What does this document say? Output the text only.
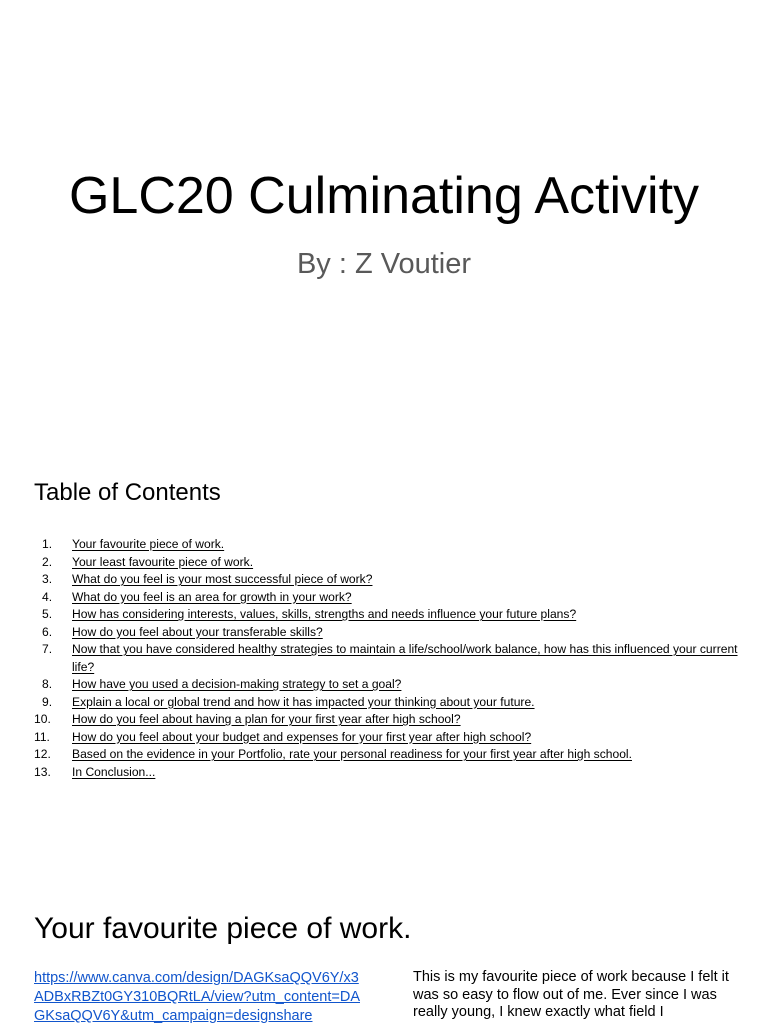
GLC20 Culminating Activity
By : Z Voutier
Table of Contents
1.	Your favourite piece of work.
2.	Your least favourite piece of work.
3.	What do you feel is your most successful piece of work?
4.	What do you feel is an area for growth in your work?
5.	How has considering interests, values, skills, strengths and needs influence your future plans?
6.	How do you feel about your transferable skills?
7.	Now that you have considered healthy strategies to maintain a life/school/work balance, how has this influenced your current life?
8.	How have you used a decision-making strategy to set a goal?
9.	Explain a local or global trend and how it has impacted your thinking about your future.
10.	How do you feel about having a plan for your first year after high school?
11.	How do you feel about your budget and expenses for your first year after high school?
12.	Based on the evidence in your Portfolio, rate your personal readiness for your first year after high school.
13.	In Conclusion...
Your favourite piece of work.
https://www.canva.com/design/DAGKsaQQV6Y/x3ADBxRBZt0GY310BQRtLA/view?utm_content=DAGKsaQQV6Y&utm_campaign=designshare

This is my favourite piece of work because I felt it was so easy to flow out of me. Ever since I was really young, I knew exactly what field I
